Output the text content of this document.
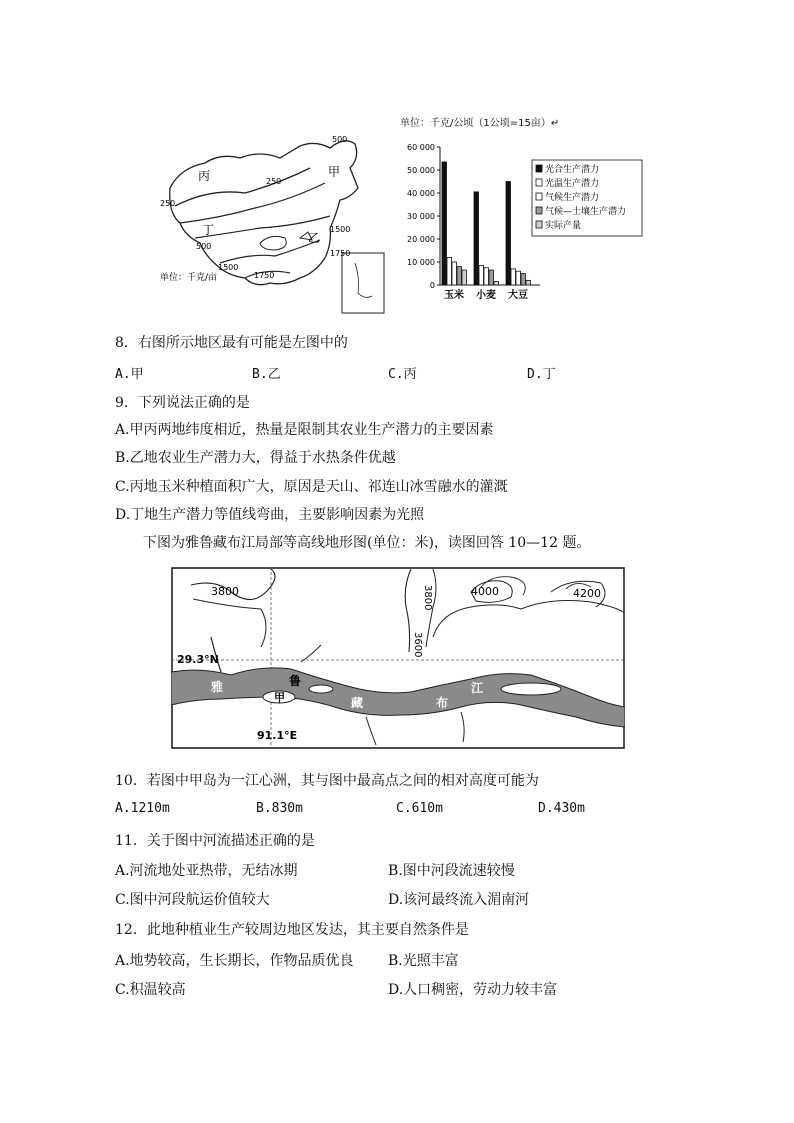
甲
乙
丙
丁
500
250
250
500
1500
1750
1500
1750
单位：千克/亩
单位：千克/公顷（1公顷=15亩）↵
60 000
50 000
40 000
30 000
20 000
10 000
0
玉米 小麦 大豆
光合生产潜力
光温生产潜力
气候生产潜力
气候—土壤生产潜力
实际产量
8．右图所示地区最有可能是左图中的
A.甲	B.乙	C.丙	D.丁
9．下列说法正确的是
A.甲丙两地纬度相近，热量是限制其农业生产潜力的主要因素
B.乙地农业生产潜力大，得益于水热条件优越
C.丙地玉米种植面积广大，原因是天山、祁连山冰雪融水的灌溉
D.丁地生产潜力等值线弯曲，主要影响因素为光照
下图为雅鲁藏布江局部等高线地形图(单位：米)，读图回答 10—12 题。
3800	4000	4200
3600
3800
29.3°N
91.1°E
雅	鲁
甲	藏	布
江
10．若图中甲岛为一江心洲，其与图中最高点之间的相对高度可能为
A.1210m	B.830m	C.610m	D.430m
11．关于图中河流描述正确的是
A.河流地处亚热带，无结冰期	B.图中河段流速较慢
C.图中河段航运价值较大	D.该河最终流入湄南河
12．此地种植业生产较周边地区发达，其主要自然条件是
A.地势较高，生长期长，作物品质优良 B.光照丰富
C.积温较高	D.人口稠密，劳动力较丰富
